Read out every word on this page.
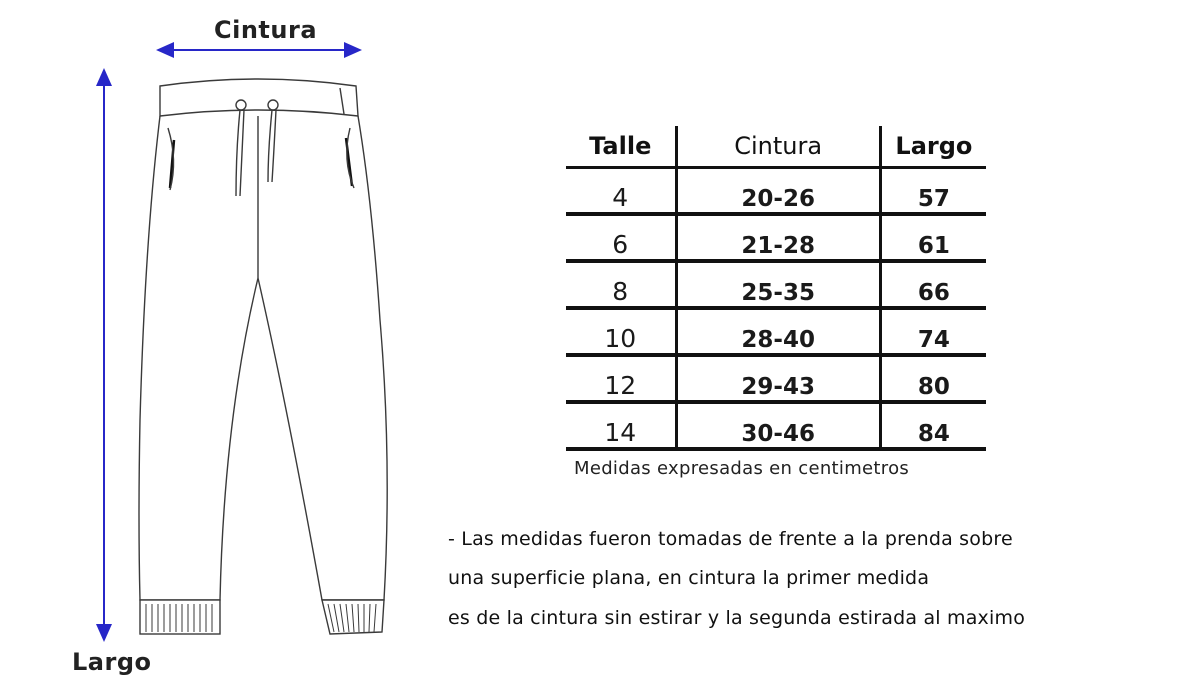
Cintura
Largo
Talle	Cintura	Largo
4	20-26	57
6	21-28	61
8	25-35	66
10	28-40	74
12	29-43	80
14	30-46	84
Medidas expresadas en centimetros
- Las medidas fueron tomadas de frente a la prenda sobre
una superficie plana, en cintura la primer medida
es de la cintura sin estirar y la segunda estirada al maximo
